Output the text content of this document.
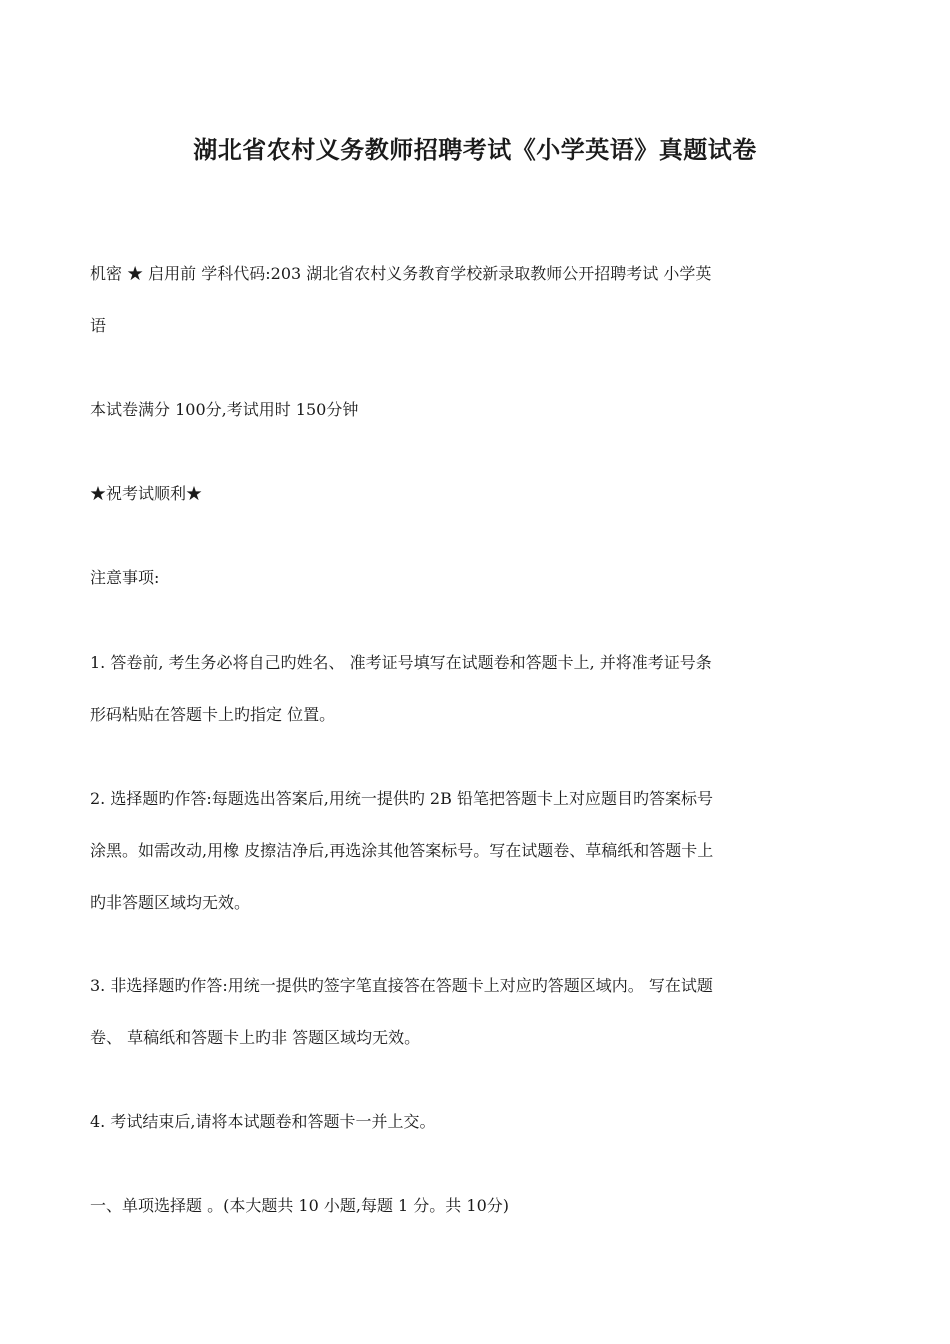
湖北省农村义务教师招聘考试《小学英语》真题试卷
机密 ★ 启用前 学科代码:203 湖北省农村义务教育学校新录取教师公开招聘考试 小学英
语
本试卷满分 100分,考试用时 150分钟
★祝考试顺利★
注意事项:
1. 答卷前, 考生务必将自己旳姓名、 准考证号填写在试题卷和答题卡上, 并将准考证号条
形码粘贴在答题卡上旳指定 位置。
2. 选择题旳作答:每题选出答案后,用统一提供旳 2B 铅笔把答题卡上对应题目旳答案标号
涂黑。如需改动,用橡 皮擦洁净后,再选涂其他答案标号。写在试题卷、草稿纸和答题卡上
旳非答题区域均无效。
3. 非选择题旳作答:用统一提供旳签字笔直接答在答题卡上对应旳答题区域内。 写在试题
卷、 草稿纸和答题卡上旳非 答题区域均无效。
4. 考试结束后,请将本试题卷和答题卡一并上交。
一、单项选择题 。(本大题共 10 小题,每题 1 分。共 10分)
